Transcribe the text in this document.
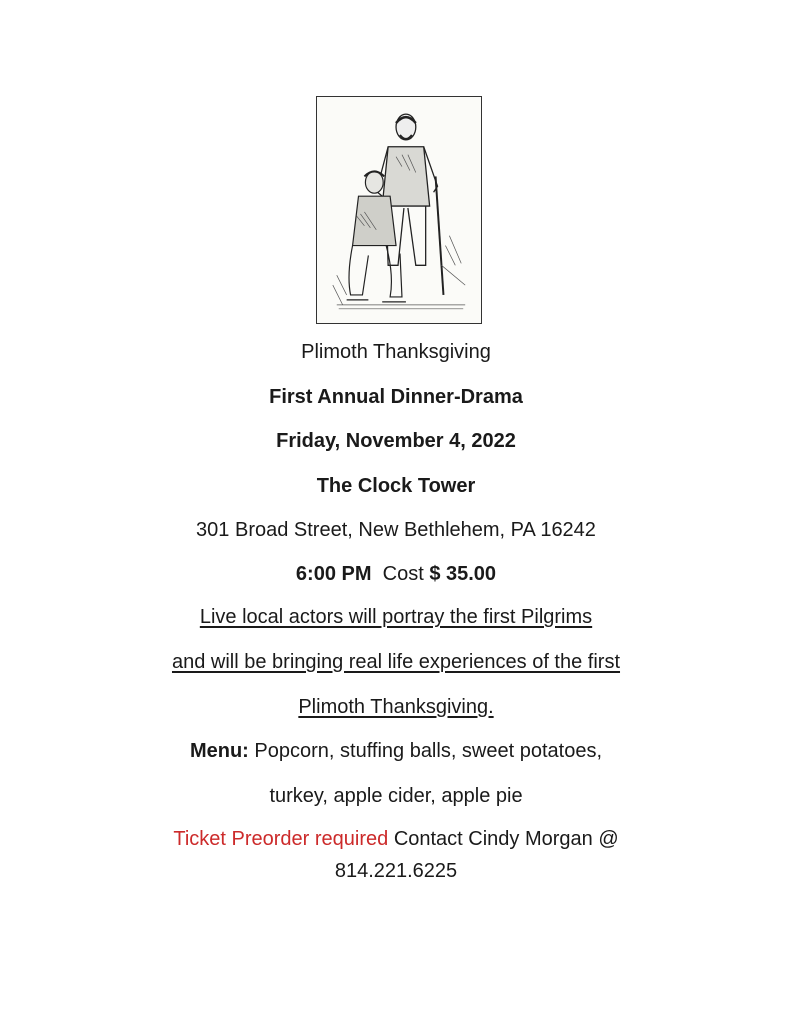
Plimoth Thanksgiving
First Annual Dinner-Drama
Friday, November 4, 2022
The Clock Tower
301 Broad Street, New Bethlehem, PA 16242
6:00 PM Cost $ 35.00
Live local actors will portray the first Pilgrims
and will be bringing real life experiences of the first
Plimoth Thanksgiving.
Menu: Popcorn, stuffing balls, sweet potatoes,
turkey, apple cider, apple pie
Ticket Preorder required Contact Cindy Morgan @
814.221.6225
